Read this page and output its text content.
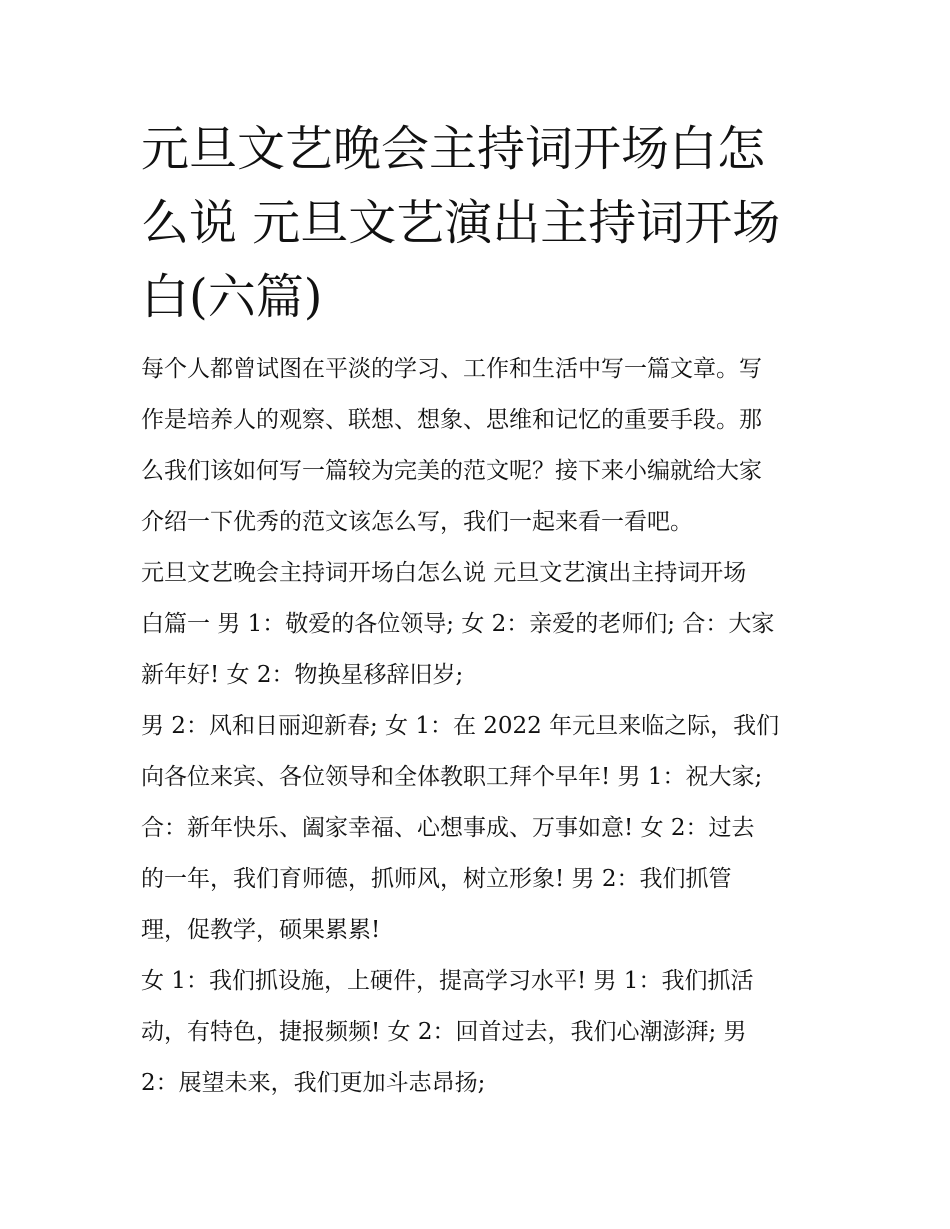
元旦文艺晚会主持词开场白怎
么说 元旦文艺演出主持词开场
白(六篇)

每个人都曾试图在平淡的学习、工作和生活中写一篇文章。写
作是培养人的观察、联想、想象、思维和记忆的重要手段。那
么我们该如何写一篇较为完美的范文呢？接下来小编就给大家
介绍一下优秀的范文该怎么写，我们一起来看一看吧。

元旦文艺晚会主持词开场白怎么说 元旦文艺演出主持词开场
白篇一 男 1：敬爱的各位领导; 女 2：亲爱的老师们; 合：大家
新年好! 女 2：物换星移辞旧岁;

男 2：风和日丽迎新春; 女 1：在 2022 年元旦来临之际，我们
向各位来宾、各位领导和全体教职工拜个早年! 男 1：祝大家;
合：新年快乐、阖家幸福、心想事成、万事如意! 女 2：过去
的一年，我们育师德，抓师风，树立形象! 男 2：我们抓管
理，促教学，硕果累累!

女 1：我们抓设施，上硬件，提高学习水平! 男 1：我们抓活
动，有特色，捷报频频! 女 2：回首过去，我们心潮澎湃; 男
2：展望未来，我们更加斗志昂扬;
